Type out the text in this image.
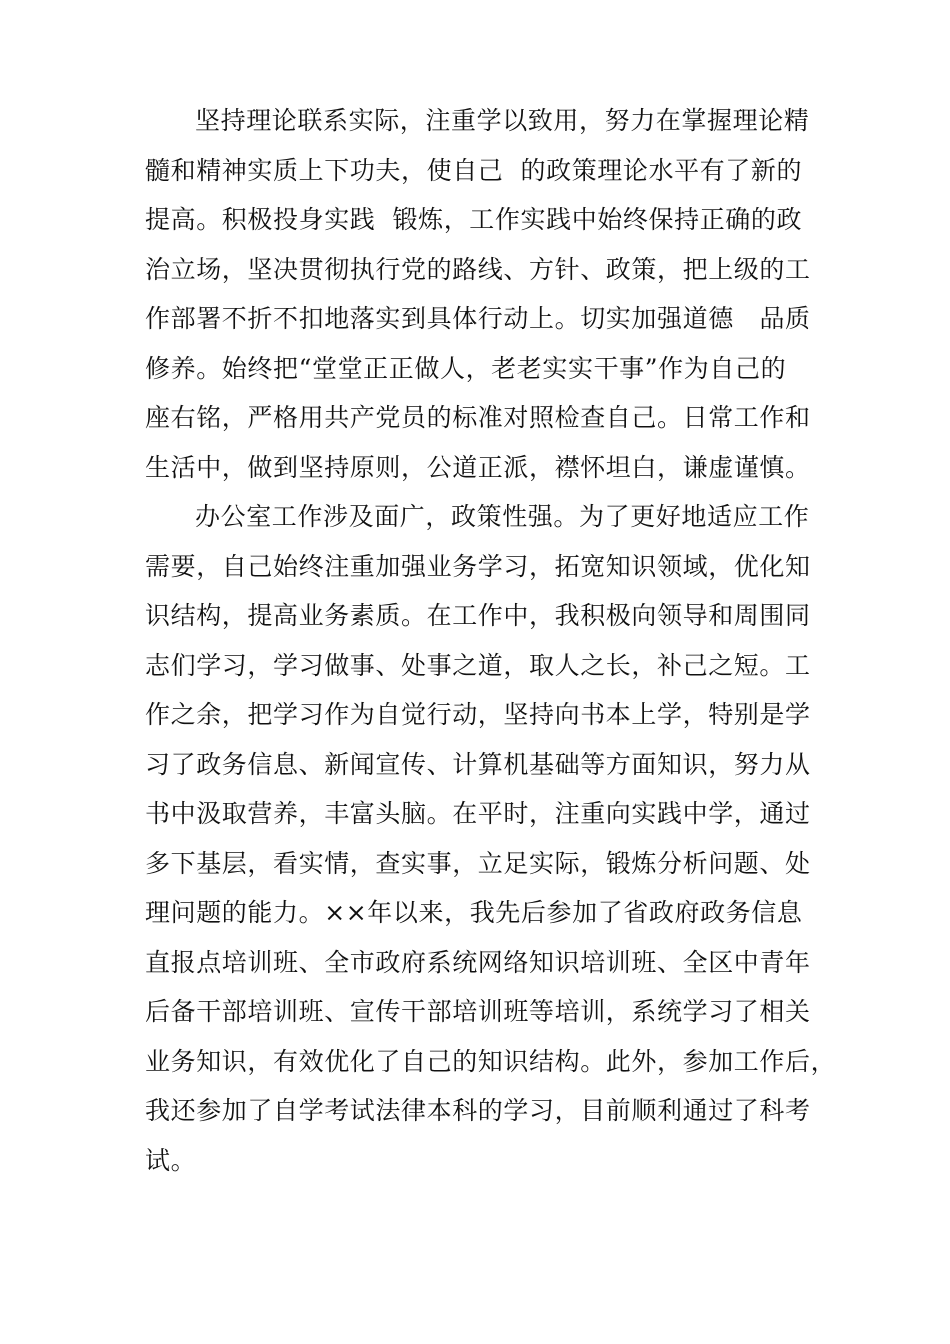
坚持理论联系实际，注重学以致用，努力在掌握理论精
髓和精神实质上下功夫，使自己  的政策理论水平有了新的
提高。积极投身实践  锻炼，工作实践中始终保持正确的政
治立场，坚决贯彻执行党的路线、方针、政策，把上级的工
作部署不折不扣地落实到具体行动上。切实加强道德   品质
修养。始终把“堂堂正正做人，老老实实干事”作为自己的
座右铭，严格用共产党员的标准对照检查自己。日常工作和
生活中，做到坚持原则，公道正派，襟怀坦白，谦虚谨慎。
办公室工作涉及面广，政策性强。为了更好地适应工作
需要，自己始终注重加强业务学习，拓宽知识领域，优化知
识结构，提高业务素质。在工作中，我积极向领导和周围同
志们学习，学习做事、处事之道，取人之长，补己之短。工
作之余，把学习作为自觉行动，坚持向书本上学，特别是学
习了政务信息、新闻宣传、计算机基础等方面知识，努力从
书中汲取营养，丰富头脑。在平时，注重向实践中学，通过
多下基层，看实情，查实事，立足实际，锻炼分析问题、处
理问题的能力。××年以来，我先后参加了省政府政务信息
直报点培训班、全市政府系统网络知识培训班、全区中青年
后备干部培训班、宣传干部培训班等培训，系统学习了相关
业务知识，有效优化了自己的知识结构。此外，参加工作后，
我还参加了自学考试法律本科的学习，目前顺利通过了科考
试。
